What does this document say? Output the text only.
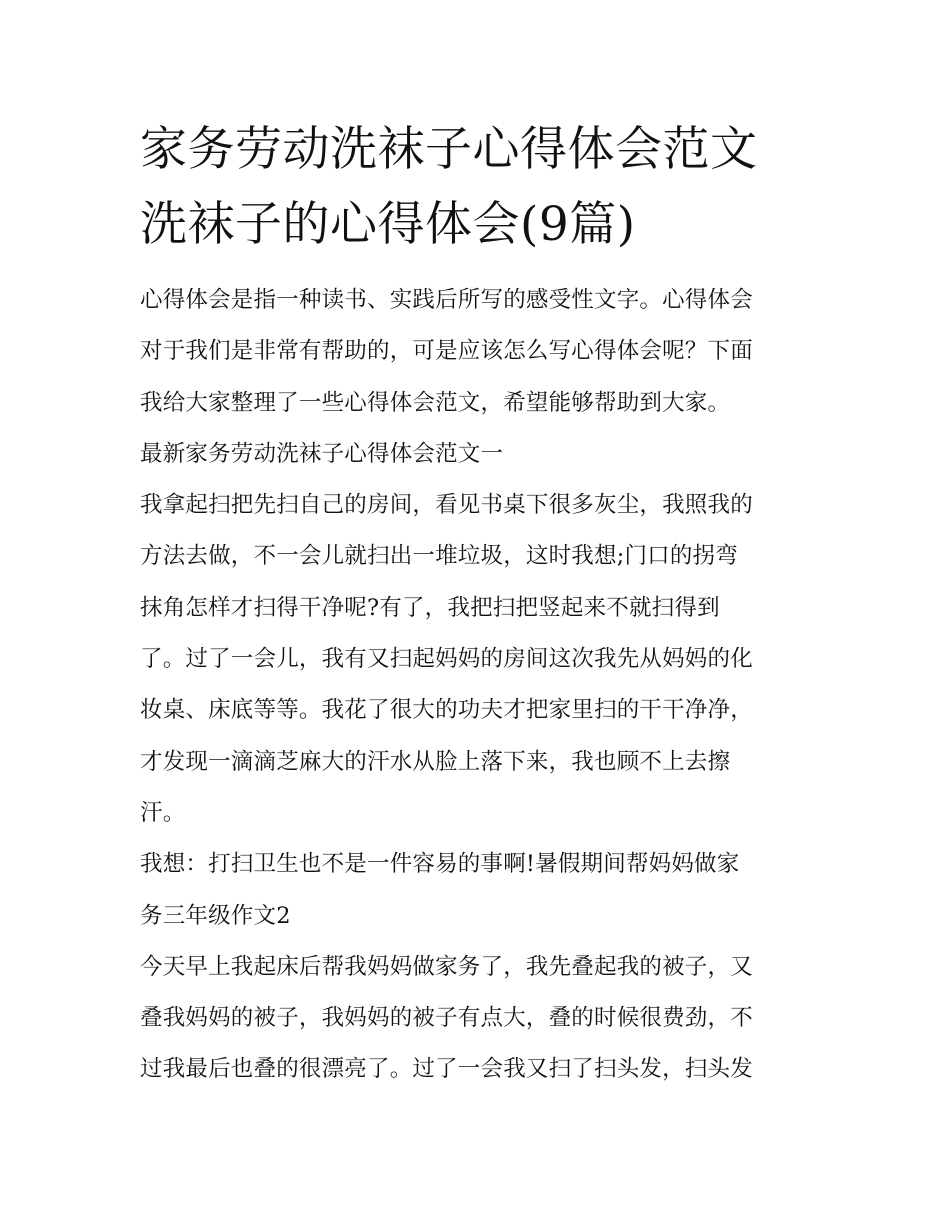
家务劳动洗袜子心得体会范文
洗袜子的心得体会(9篇)
心得体会是指一种读书、实践后所写的感受性文字。心得体会
对于我们是非常有帮助的，可是应该怎么写心得体会呢？下面
我给大家整理了一些心得体会范文，希望能够帮助到大家。
最新家务劳动洗袜子心得体会范文一
我拿起扫把先扫自己的房间，看见书桌下很多灰尘，我照我的
方法去做，不一会儿就扫出一堆垃圾，这时我想;门口的拐弯
抹角怎样才扫得干净呢?有了，我把扫把竖起来不就扫得到
了。过了一会儿，我有又扫起妈妈的房间这次我先从妈妈的化
妆桌、床底等等。我花了很大的功夫才把家里扫的干干净净，
才发现一滴滴芝麻大的汗水从脸上落下来，我也顾不上去擦
汗。
我想：打扫卫生也不是一件容易的事啊!暑假期间帮妈妈做家
务三年级作文2
今天早上我起床后帮我妈妈做家务了，我先叠起我的被子，又
叠我妈妈的被子，我妈妈的被子有点大，叠的时候很费劲，不
过我最后也叠的很漂亮了。过了一会我又扫了扫头发，扫头发
